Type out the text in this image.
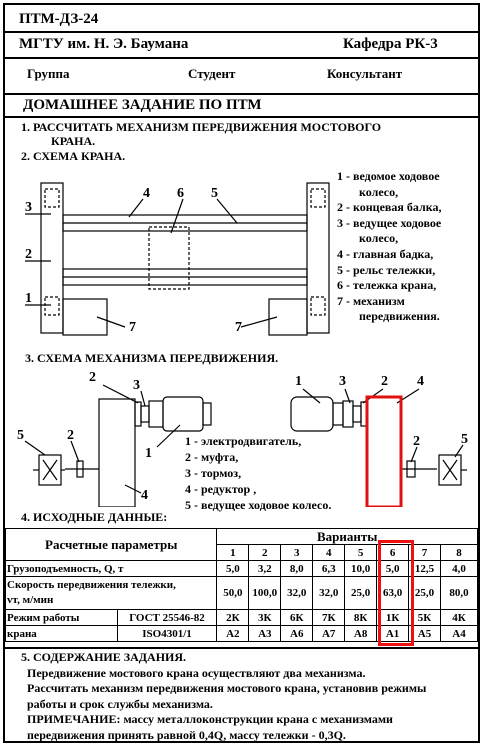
ПТМ-ДЗ-24
МГТУ им. Н. Э. Баумана	Кафедра РК-3
Группа	Студент	Консультант
ДОМАШНЕЕ ЗАДАНИЕ ПО ПТМ
1. РАССЧИТАТЬ МЕХАНИЗМ ПЕРЕДВИЖЕНИЯ МОСТОВОГО
КРАНА.
2. СХЕМА КРАНА.
3
2
1
4 6 5
7	7
1 - ведомое ходовое
колесо,
2 - концевая балка,
3 - ведущее ходовое
колесо,
4 - главная бадка,
5 - рельс тележки,
6 - тележка крана,
7 - механизм
передвижения.
3. СХЕМА МЕХАНИЗМА ПЕРЕДВИЖЕНИЯ.
2
3
1
5	2
4
1	3	2 4
2	5
1 - электродвигатель,
2 - муфта,
3 - тормоз,
4 - редуктор ,
5 - ведущее ходовое колесо.
4. ИСХОДНЫЕ ДАННЫЕ:
Расчетные параметры		Варианты							
		1	2	3	4	5	6	7	8
Грузоподъемность, Q, т		5,0	3,2	8,0	6,3	10,0	5,0	12,5	4,0

Скорость передвижения тележки,
vт, м/мин		50,0	100,0	32,0	32,0	25,0	63,0	25,0	80,0
Режим работы	ГОСТ 25546-82	2К	3К	6К	7К	8К	1К	5К	4К
крана	ISO4301/1	А2	А3	А6	А7	А8	А1	А5	А4

5. СОДЕРЖАНИЕ ЗАДАНИЯ.

Передвижение мостового крана осуществляют два механизма.

Рассчитать механизм передвижения мостового крана, установив режимы

работы и срок службы механизма.

ПРИМЕЧАНИЕ: массу металлоконструкции крана с механизмами

передвижения принять равной 0,4Q, массу тележки - 0,3Q.
